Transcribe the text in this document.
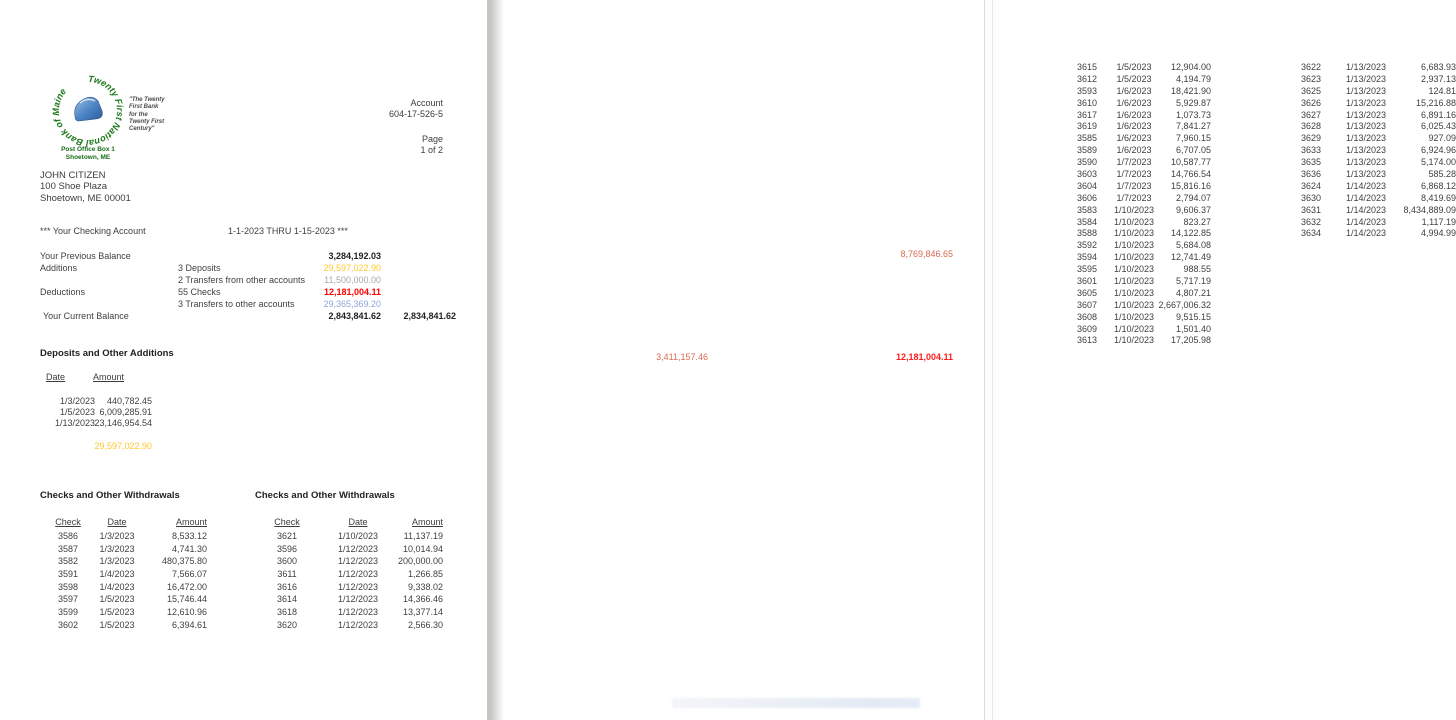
Twenty First National Bank of Maine
Post Office Box 1
Shoetown, ME
"The Twenty
First Bank
for the
Twenty First
Century"
Account
604-17-526-5
Page
1 of 2
JOHN CITIZEN
100 Shoe Plaza
Shoetown, ME 00001
*** Your Checking Account	1-1-2023 THRU 1-15-2023 ***
Your Previous Balance	3,284,192.03
Additions	3 Deposits	29,597,022.90
2 Transfers from other accounts	11,500,000.00
Deductions	55 Checks	12,181,004.11
3 Transfers to other accounts	29,365,369.20
Your Current Balance	2,843,841.62	2,834,841.62
Deposits and Other Additions
Date	Amount
1/3/2023	440,782.45
1/5/2023 6,009,285.91
1/13/2023 23,146,954.54
29,597,022.90
Checks and Other Withdrawals	Checks and Other Withdrawals
Check	Date	Amount	Check	Date	Amount
3586	1/3/2023	8,533.12
3587	1/3/2023	4,741.30
3582	1/3/2023	480,375.80
3591	1/4/2023	7,566.07
3598	1/4/2023	16,472.00
3597	1/5/2023	15,746.44
3599	1/5/2023	12,610.96
3602	1/5/2023	6,394.61
3621	1/10/2023	11,137.19
3596	1/12/2023	10,014.94
3600	1/12/2023	200,000.00
3611	1/12/2023	1,266.85
3616	1/12/2023	9,338.02
3614	1/12/2023	14,366.46
3618	1/12/2023	13,377.14
3620	1/12/2023	2,566.30
3615	1/5/2023	12,904.00
3612	1/5/2023	4,194.79
3593	1/6/2023	18,421.90
3610	1/6/2023	5,929.87
3617	1/6/2023	1,073.73
3619	1/6/2023	7,841.27
3585	1/6/2023	7,960.15
3589	1/6/2023	6,707.05
3590	1/7/2023	10,587.77
3603	1/7/2023	14,766.54
3604	1/7/2023	15,816.16
3606	1/7/2023	2,794.07
3583	1/10/2023	9,606.37
3584	1/10/2023	823.27
3588	1/10/2023	14,122.85
3592	1/10/2023	5,684.08
3594	1/10/2023	12,741.49
3595	1/10/2023	988.55
3601	1/10/2023	5,717.19
3605	1/10/2023	4,807.21
3607	1/10/2023 2,667,006.32
3608	1/10/2023	9,515.15
3609	1/10/2023	1,501.40
3613	1/10/2023	17,205.98
3622	1/13/2023	6,683.93
3623	1/13/2023	2,937.13
3625	1/13/2023	124.81
3626	1/13/2023	15,216.88
3627	1/13/2023	6,891.16
3628	1/13/2023	6,025.43
3629	1/13/2023	927.09
3633	1/13/2023	6,924.96
3635	1/13/2023	5,174.00
3636	1/13/2023	585.28
3624	1/14/2023	6,868.12
3630	1/14/2023	8,419.69
3631	1/14/2023	8,434,889.09
3632	1/14/2023	1,117.19
3634	1/14/2023	4,994.99
3,411,157.46
8,769,846.65
12,181,004.11
